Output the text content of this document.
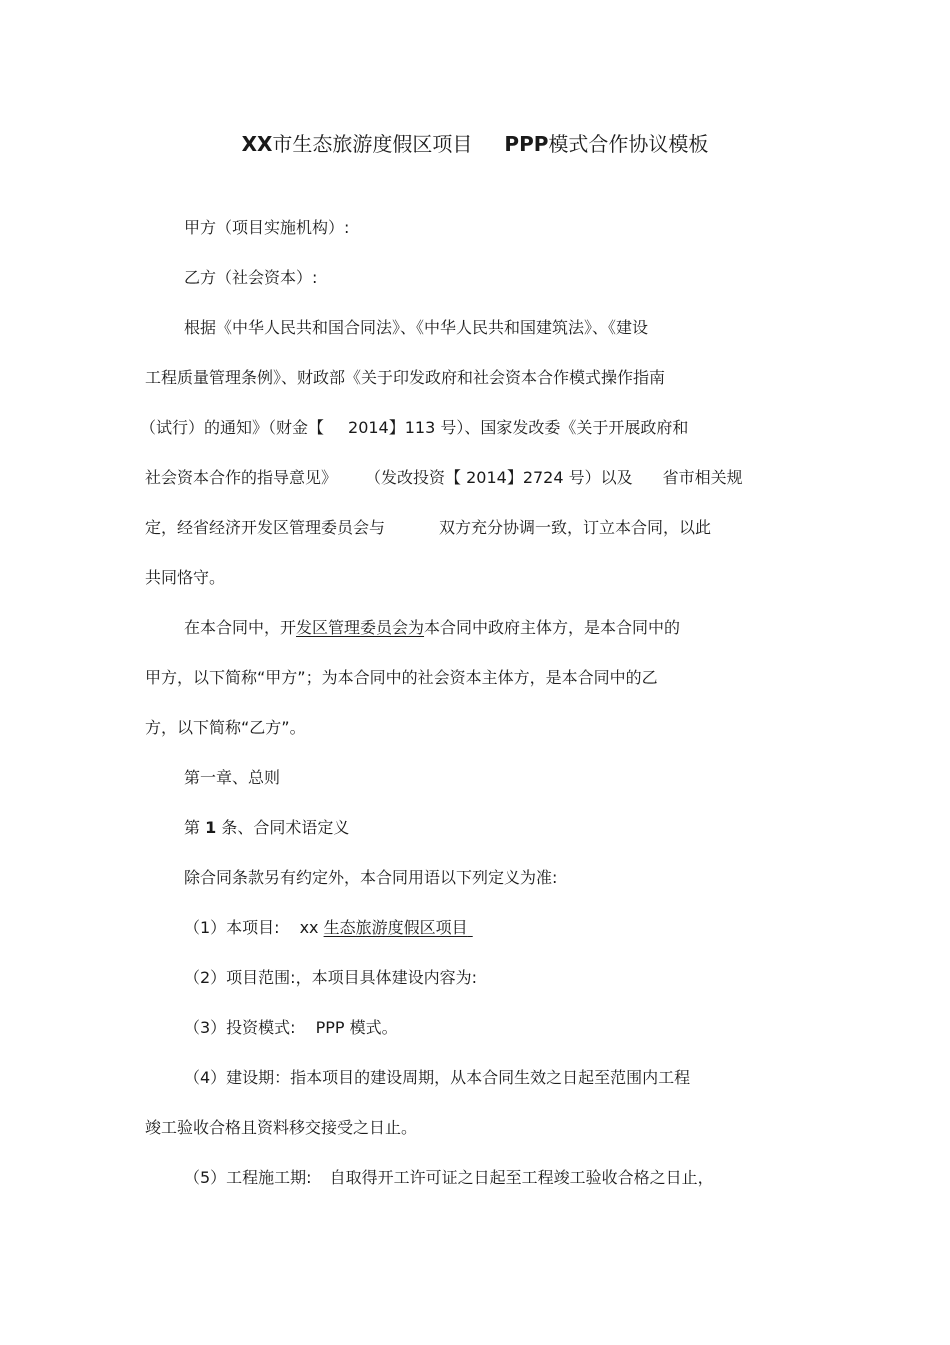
XX市生态旅游度假区项目 PPP模式合作协议模板

甲方（项目实施机构）:

乙方（社会资本）:

根据《中华人民共和国合同法》、《中华人民共和国建筑法》、《建设

工程质量管理条例》、财政部《关于印发政府和社会资本合作模式操作指南

（试行）的通知》（财金【 2014】113 号）、国家发改委《关于开展政府和

社会资本合作的指导意见》 （发改投资【 2014】2724 号）以及 省市相关规

定，经省经济开发区管理委员会与	双方充分协调一致，订立本合同，以此

共同恪守。

在本合同中，开发区管理委员会为本合同中政府主体方，是本合同中的

甲方，以下简称“甲方”；为本合同中的社会资本主体方，是本合同中的乙

方，以下简称“乙方”。

第一章、总则

第 1 条、合同术语定义

除合同条款另有约定外，本合同用语以下列定义为准:

（1）本项目: xx 生态旅游度假区项目

（2）项目范围:，本项目具体建设内容为:

（3）投资模式: PPP 模式。

（4）建设期：指本项目的建设周期，从本合同生效之日起至范围内工程

竣工验收合格且资料移交接受之日止。

（5）工程施工期: 自取得开工许可证之日起至工程竣工验收合格之日止，
